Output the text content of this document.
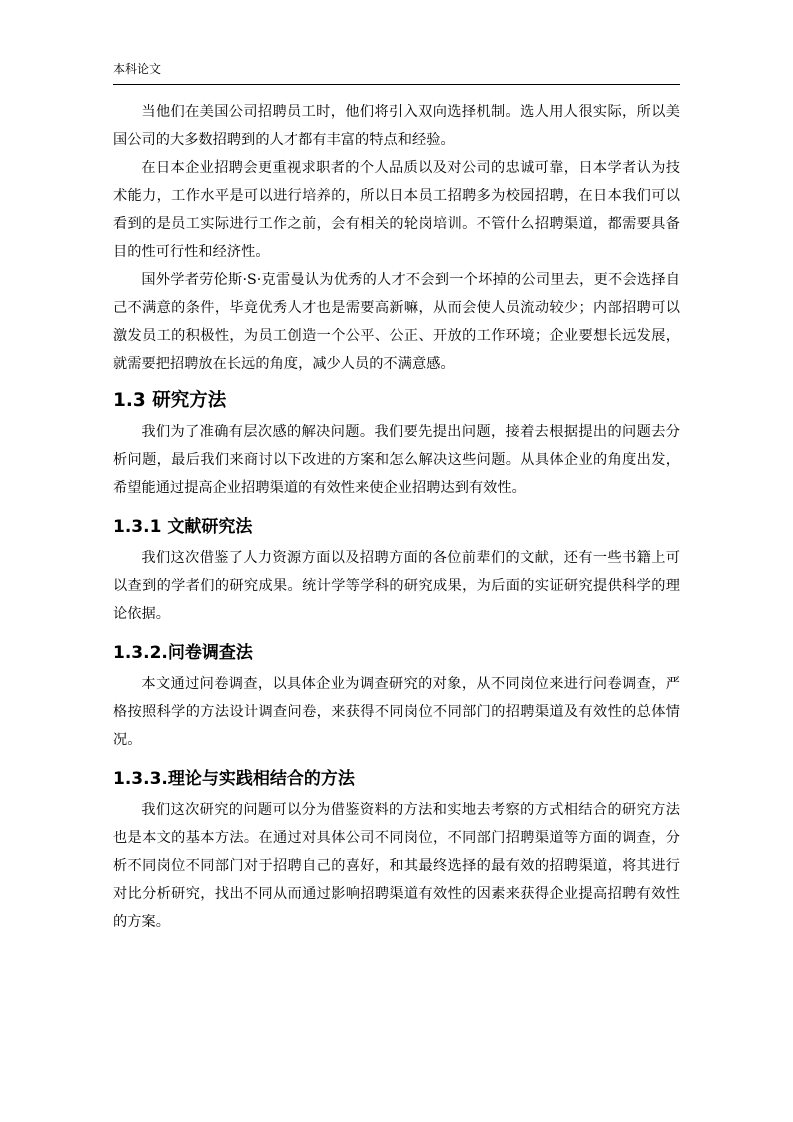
本科论文

当他们在美国公司招聘员工时，他们将引入双向选择机制。选人用人很实际，所以美国公司的大多数招聘到的人才都有丰富的特点和经验。

在日本企业招聘会更重视求职者的个人品质以及对公司的忠诚可靠，日本学者认为技术能力，工作水平是可以进行培养的，所以日本员工招聘多为校园招聘，在日本我们可以看到的是员工实际进行工作之前，会有相关的轮岗培训。不管什么招聘渠道，都需要具备目的性可行性和经济性。

国外学者劳伦斯·S·克雷曼认为优秀的人才不会到一个坏掉的公司里去，更不会选择自己不满意的条件，毕竟优秀人才也是需要高新嘛，从而会使人员流动较少；内部招聘可以激发员工的积极性，为员工创造一个公平、公正、开放的工作环境；企业要想长远发展，就需要把招聘放在长远的角度，减少人员的不满意感。

1.3 研究方法

我们为了准确有层次感的解决问题。我们要先提出问题，接着去根据提出的问题去分析问题，最后我们来商讨以下改进的方案和怎么解决这些问题。从具体企业的角度出发，希望能通过提高企业招聘渠道的有效性来使企业招聘达到有效性。

1.3.1 文献研究法

我们这次借鉴了人力资源方面以及招聘方面的各位前辈们的文献，还有一些书籍上可以查到的学者们的研究成果。统计学等学科的研究成果，为后面的实证研究提供科学的理论依据。

1.3.2.问卷调查法

本文通过问卷调查，以具体企业为调查研究的对象，从不同岗位来进行问卷调查，严格按照科学的方法设计调查问卷，来获得不同岗位不同部门的招聘渠道及有效性的总体情况。

1.3.3.理论与实践相结合的方法

我们这次研究的问题可以分为借鉴资料的方法和实地去考察的方式相结合的研究方法也是本文的基本方法。在通过对具体公司不同岗位，不同部门招聘渠道等方面的调查，分析不同岗位不同部门对于招聘自己的喜好，和其最终选择的最有效的招聘渠道，将其进行对比分析研究，找出不同从而通过影响招聘渠道有效性的因素来获得企业提高招聘有效性的方案。
